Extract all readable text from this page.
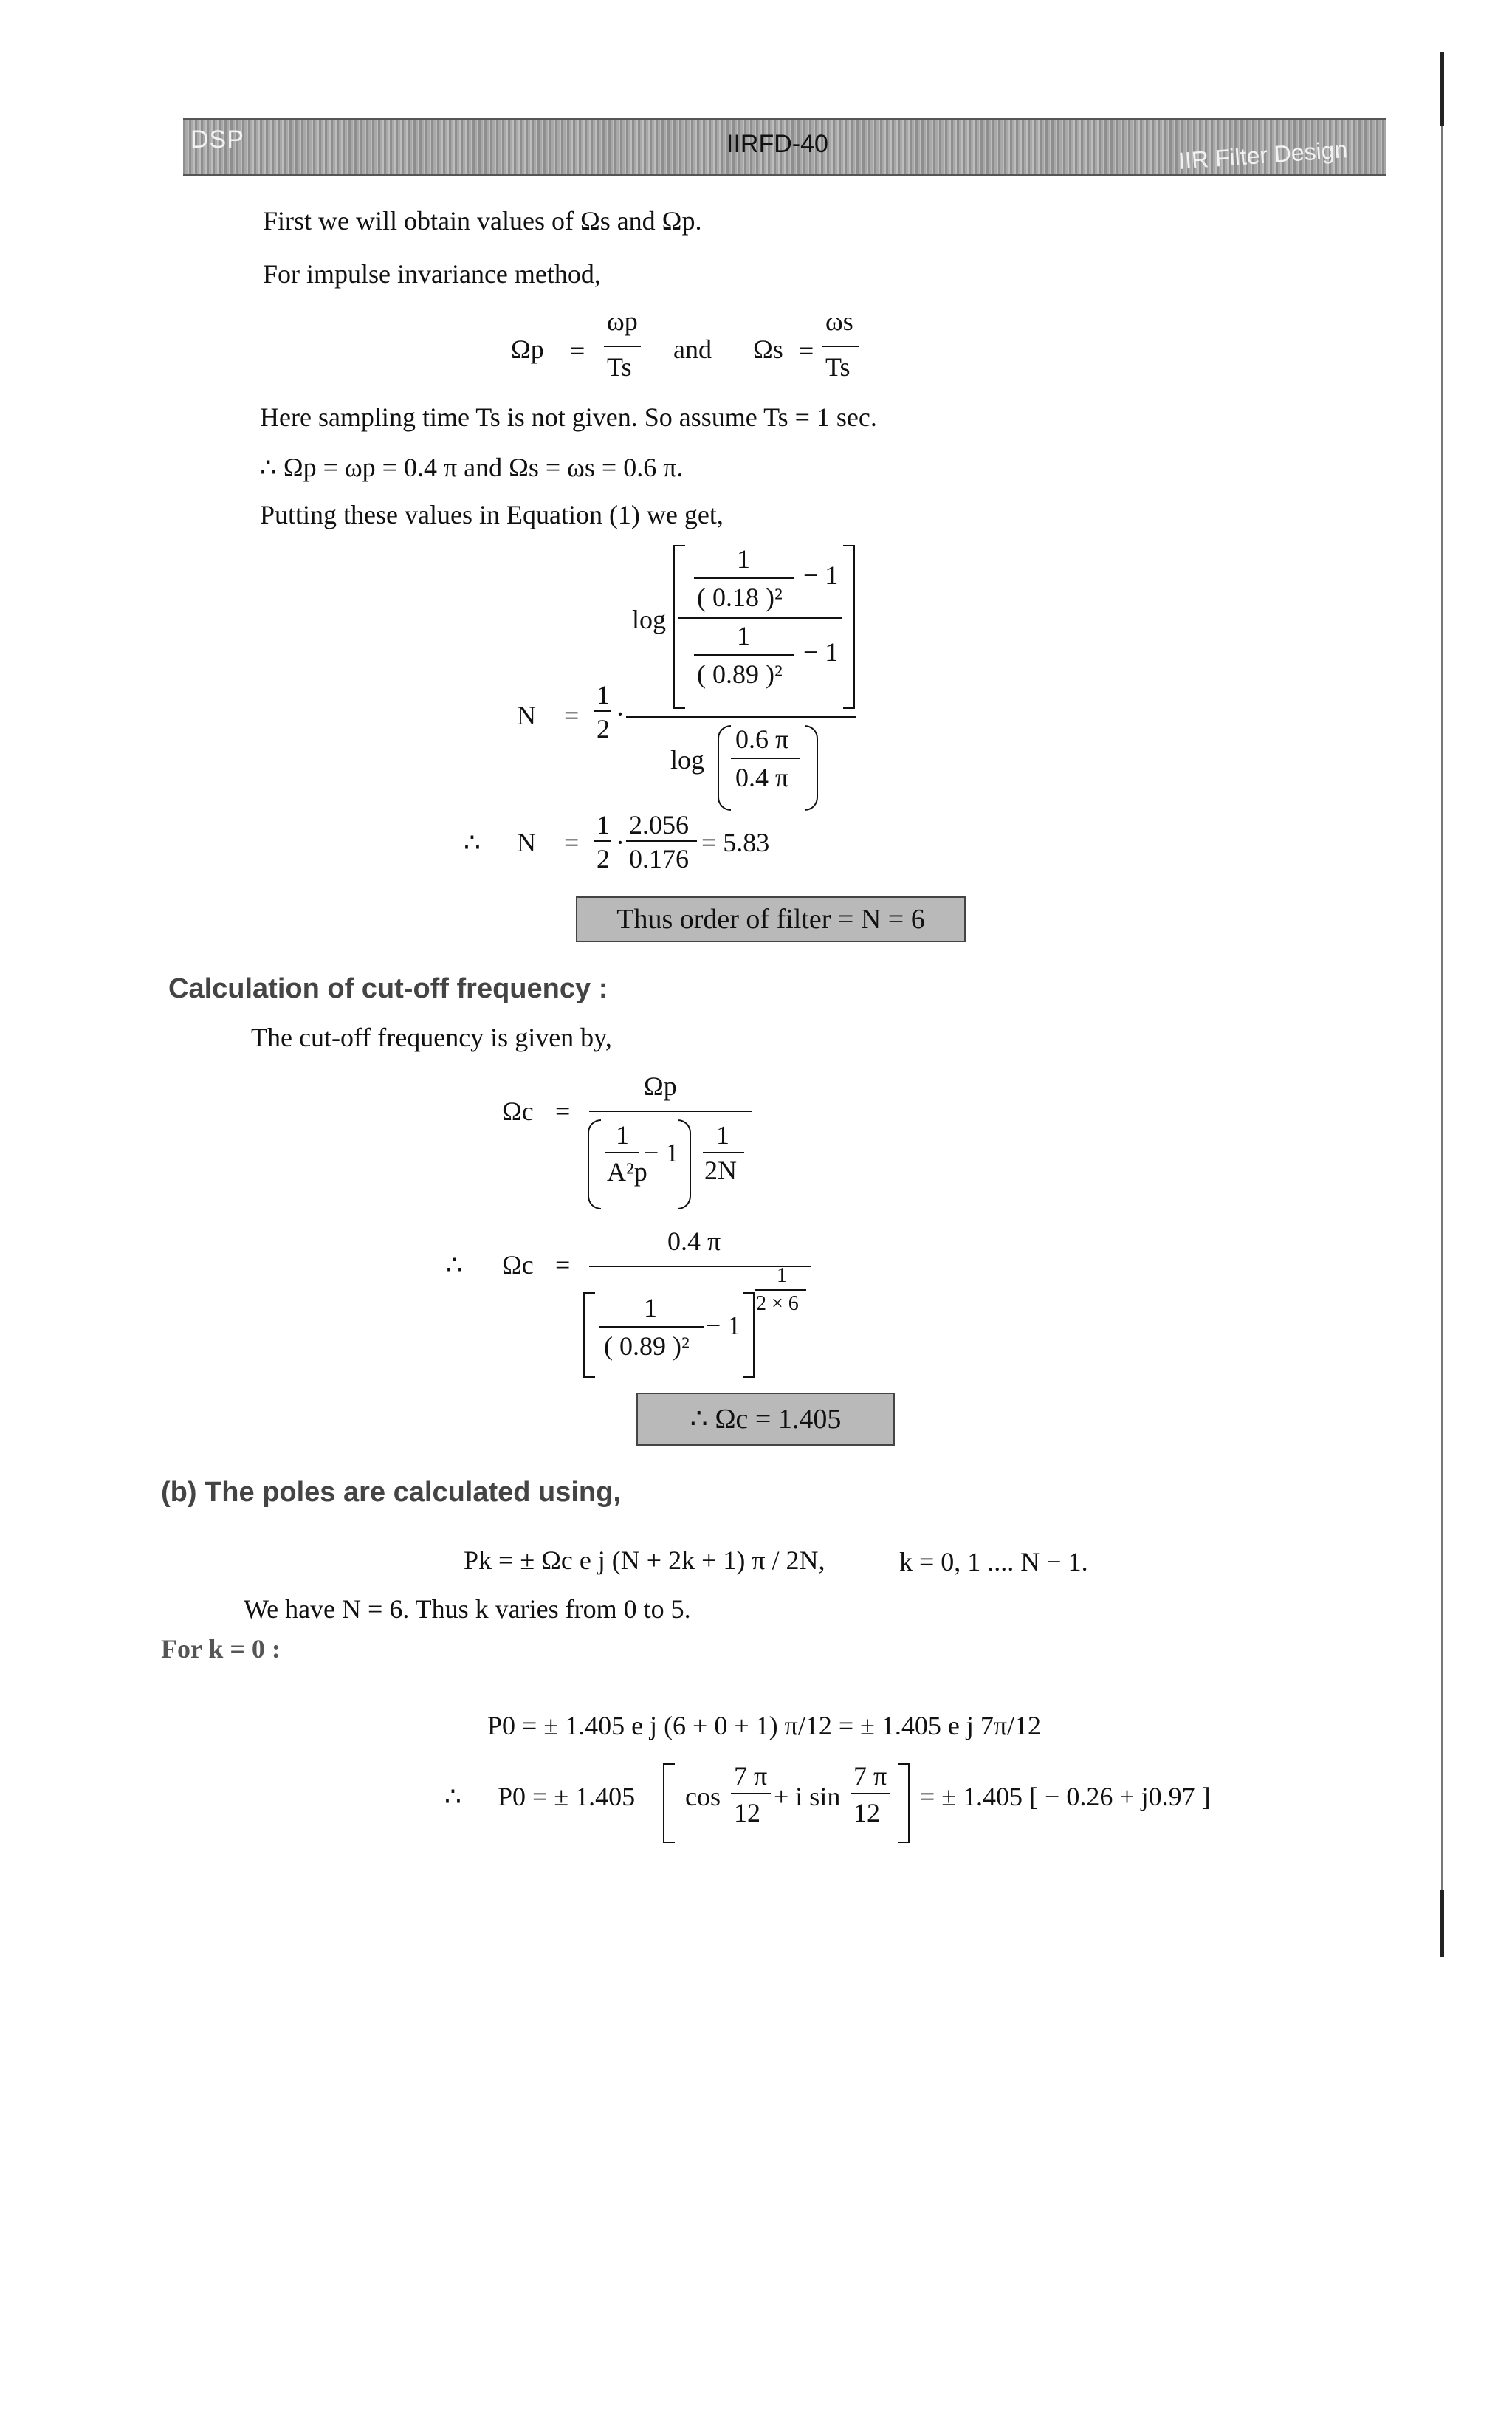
DSP	IIRFD-40	IIR Filter Design
First we will obtain values of Ωs and Ωp.
For impulse invariance method,
Ωp =
ωp
Ts
and Ωs =
ωs
Ts
Here sampling time Ts is not given. So assume Ts = 1 sec.
∴ Ωp = ωp = 0.4 π and Ωs = ωs = 0.6 π.
Putting these values in Equation (1) we get,
log
1
− 1
( 0.18 )²
1
− 1
( 0.89 )²
N =
1
2 ·
log
0.6 π
0.4 π
∴ N =
1
2
·
2.056
0.176
= 5.83
Thus order of filter = N = 6
Calculation of cut-off frequency :
The cut-off frequency is given by,
Ωc =
Ωp
1
A²p
− 1
1
2N
∴ Ωc =
0.4 π
1
( 0.89 )²
− 1
1
2 × 6
∴ Ωc = 1.405
(b) The poles are calculated using,
Pk = ± Ωc e j (N + 2k + 1) π / 2N,	k = 0, 1 .... N − 1.
We have N = 6. Thus k varies from 0 to 5.
For k = 0 :
P0 = ± 1.405 e j (6 + 0 + 1) π/12 = ± 1.405 e j 7π/12
∴ P0 = ± 1.405 cos
7 π
12
+ i sin
7 π
12
= ± 1.405 [ − 0.26 + j0.97 ]
